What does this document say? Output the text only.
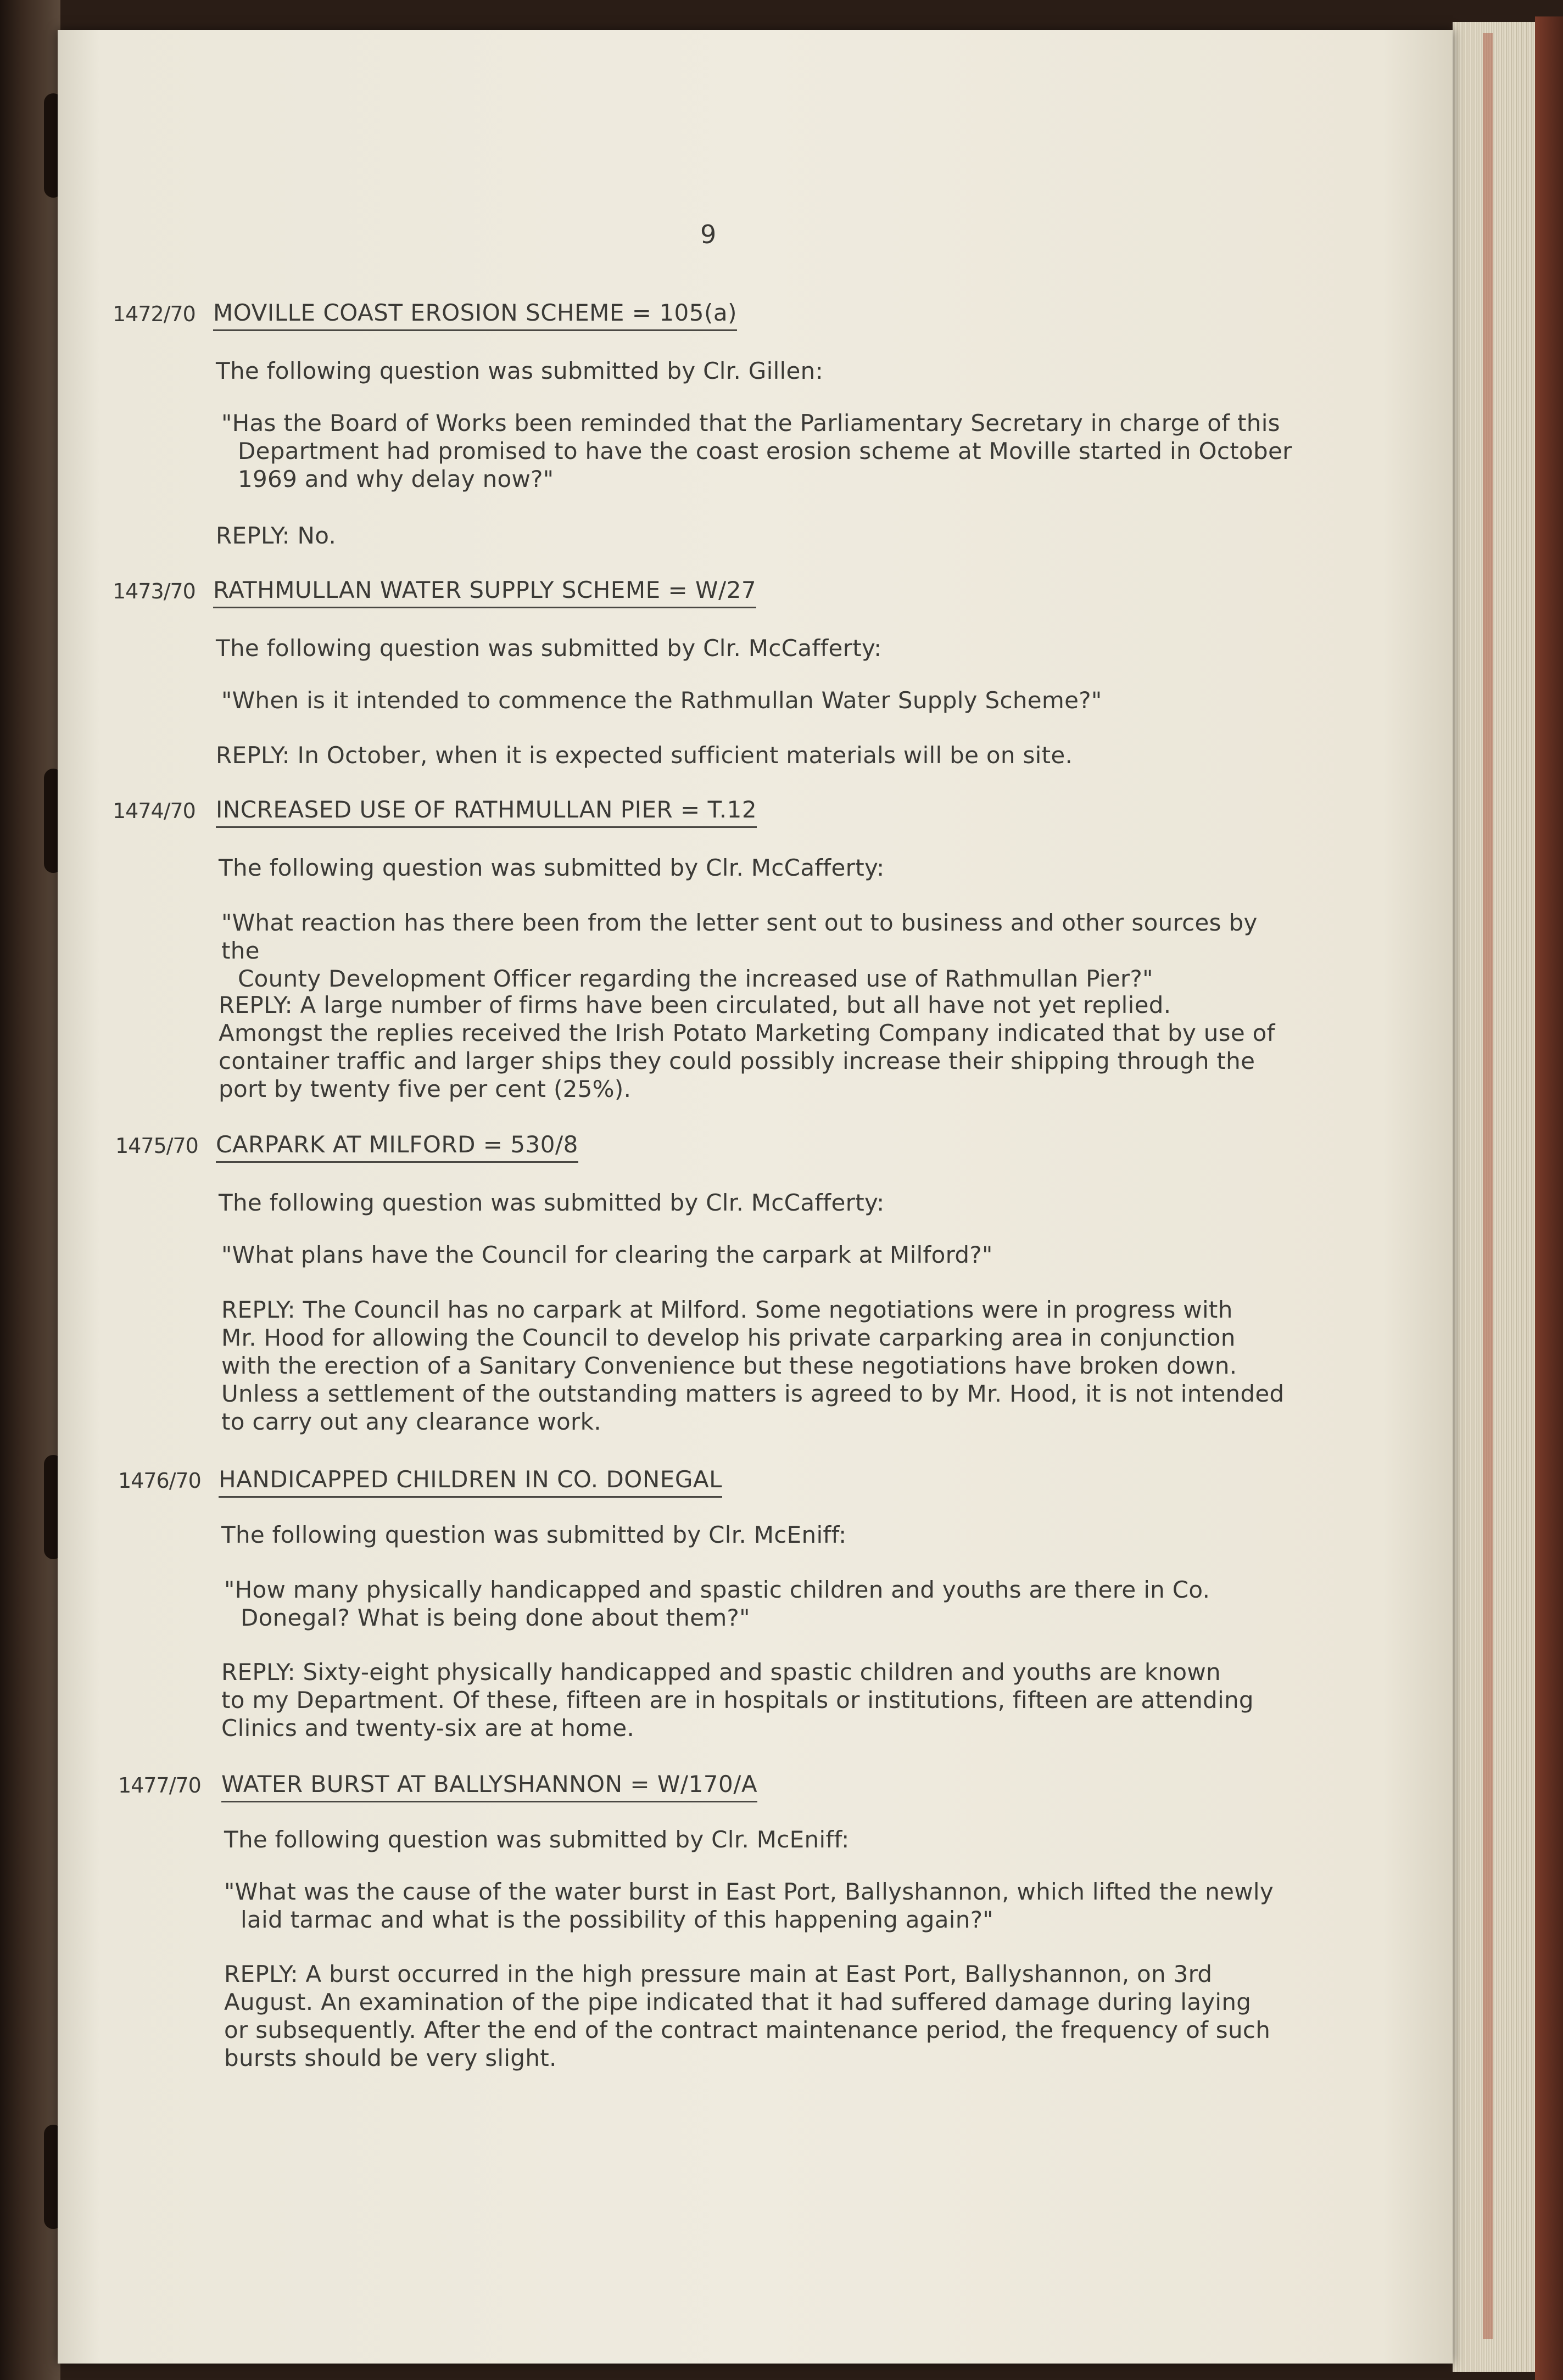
9
1472/70 MOVILLE COAST EROSION SCHEME = 105(a)
The following question was submitted by Clr. Gillen:
"Has the Board of Works been reminded that the Parliamentary Secretary in charge of this
Department had promised to have the coast erosion scheme at Moville started in October
1969 and why delay now?"
REPLY: No.
1473/70 RATHMULLAN WATER SUPPLY SCHEME = W/27
The following question was submitted by Clr. McCafferty:
"When is it intended to commence the Rathmullan Water Supply Scheme?"
REPLY: In October, when it is expected sufficient materials will be on site.
1474/70 INCREASED USE OF RATHMULLAN PIER = T.12
The following question was submitted by Clr. McCafferty:
"What reaction has there been from the letter sent out to business and other sources by the
County Development Officer regarding the increased use of Rathmullan Pier?"
REPLY: A large number of firms have been circulated, but all have not yet replied.
Amongst the replies received the Irish Potato Marketing Company indicated that by use of
container traffic and larger ships they could possibly increase their shipping through the
port by twenty five per cent (25%).
1475/70 CARPARK AT MILFORD = 530/8
The following question was submitted by Clr. McCafferty:
"What plans have the Council for clearing the carpark at Milford?"
REPLY: The Council has no carpark at Milford. Some negotiations were in progress with
Mr. Hood for allowing the Council to develop his private carparking area in conjunction
with the erection of a Sanitary Convenience but these negotiations have broken down.
Unless a settlement of the outstanding matters is agreed to by Mr. Hood, it is not intended
to carry out any clearance work.
1476/70 HANDICAPPED CHILDREN IN CO. DONEGAL
The following question was submitted by Clr. McEniff:
"How many physically handicapped and spastic children and youths are there in Co.
Donegal? What is being done about them?"
REPLY: Sixty-eight physically handicapped and spastic children and youths are known
to my Department. Of these, fifteen are in hospitals or institutions, fifteen are attending
Clinics and twenty-six are at home.
1477/70 WATER BURST AT BALLYSHANNON = W/170/A
The following question was submitted by Clr. McEniff:
"What was the cause of the water burst in East Port, Ballyshannon, which lifted the newly
laid tarmac and what is the possibility of this happening again?"
REPLY: A burst occurred in the high pressure main at East Port, Ballyshannon, on 3rd
August. An examination of the pipe indicated that it had suffered damage during laying
or subsequently. After the end of the contract maintenance period, the frequency of such
bursts should be very slight.
